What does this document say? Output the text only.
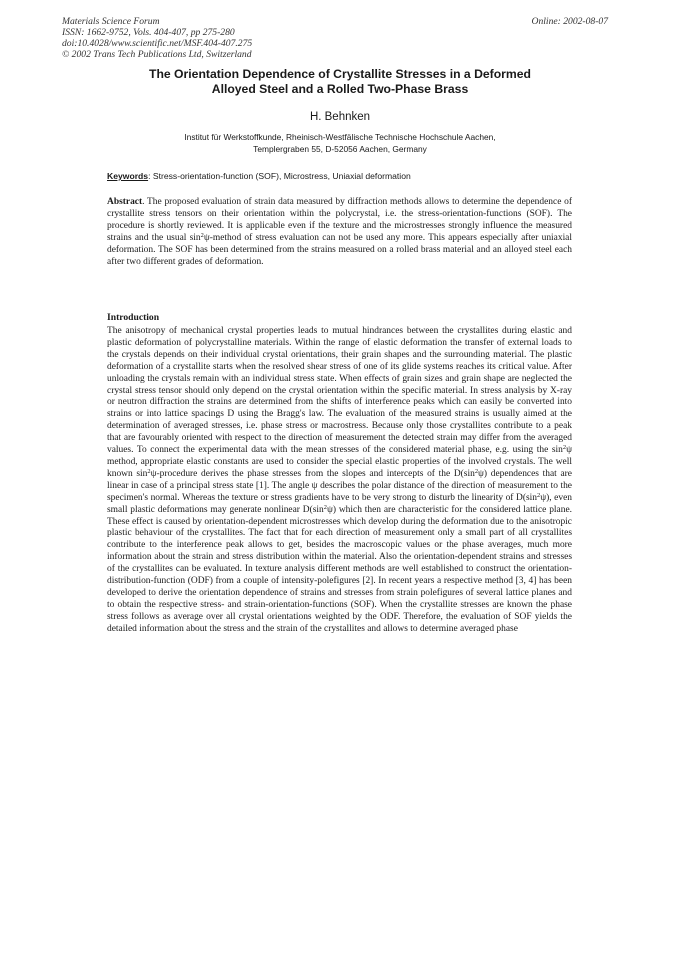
Materials Science Forum
ISSN: 1662-9752, Vols. 404-407, pp 275-280
doi:10.4028/www.scientific.net/MSF.404-407.275
© 2002 Trans Tech Publications Ltd, Switzerland
Online: 2002-08-07
The Orientation Dependence of Crystallite Stresses in a Deformed
Alloyed Steel and a Rolled Two-Phase Brass
H. Behnken
Institut für Werkstoffkunde, Rheinisch-Westfälische Technische Hochschule Aachen,
Templergraben 55, D-52056 Aachen, Germany
Keywords: Stress-orientation-function (SOF), Microstress, Uniaxial deformation
Abstract. The proposed evaluation of strain data measured by diffraction methods allows to determine the dependence of crystallite stress tensors on their orientation within the polycrystal, i.e. the stress-orientation-functions (SOF). The procedure is shortly reviewed. It is applicable even if the texture and the microstresses strongly influence the measured strains and the usual $\sin^2\psi$-method of stress evaluation can not be used any more. This appears especially after uniaxial deformation. The SOF has been determined from the strains measured on a rolled brass material and an alloyed steel each after two different grades of deformation.
Introduction
The anisotropy of mechanical crystal properties leads to mutual hindrances between the crystallites during elastic and plastic deformation of polycrystalline materials. Within the range of elastic deformation the transfer of external loads to the crystals depends on their individual crystal orientations, their grain shapes and the surrounding material. The plastic deformation of a crystallite starts when the resolved shear stress of one of its glide systems reaches its critical value. After unloading the crystals remain with an individual stress state. When effects of grain sizes and grain shape are neglected the crystal stress tensor should only depend on the crystal orientation within the specific material. In stress analysis by X-ray or neutron diffraction the strains are determined from the shifts of interference peaks which can easily be converted into strains or into lattice spacings D using the Bragg's law. The evaluation of the measured strains is usually aimed at the determination of averaged stresses, i.e. phase stress or macrostress. Because only those crystallites contribute to a peak that are favourably oriented with respect to the direction of measurement the detected strain may differ from the averaged values. To connect the experimental data with the mean stresses of the considered material phase, e.g. using the $\sin^2\psi$ method, appropriate elastic constants are used to consider the special elastic properties of the involved crystals. The well known $\sin^2\psi$-procedure derives the phase stresses from the slopes and intercepts of the $D(\sin^2\psi)$ dependences that are linear in case of a principal stress state [1]. The angle ψ describes the polar distance of the direction of measurement to the specimen's normal. Whereas the texture or stress gradients have to be very strong to disturb the linearity of $D(\sin^2\psi)$, even small plastic deformations may generate nonlinear $D(\sin^2\psi)$ which then are characteristic for the considered lattice plane. These effect is caused by orientation-dependent microstresses which develop during the deformation due to the anisotropic plastic behaviour of the crystallites. The fact that for each direction of measurement only a small part of all crystallites contribute to the interference peak allows to get, besides the macroscopic values or the phase averages, much more information about the strain and stress distribution within the material. Also the orientation-dependent strains and stresses of the crystallites can be evaluated. In texture analysis different methods are well established to construct the orientation-distribution-function (ODF) from a couple of intensity-polefigures [2]. In recent years a respective method [3, 4] has been developed to derive the orientation dependence of strains and stresses from strain polefigures of several lattice planes and to obtain the respective stress- and strain-orientation-functions (SOF). When the crystallite stresses are known the phase stress follows as average over all crystal orientations weighted by the ODF. Therefore, the evaluation of SOF yields the detailed information about the stress and the strain of the crystallites and allows to determine averaged phase
